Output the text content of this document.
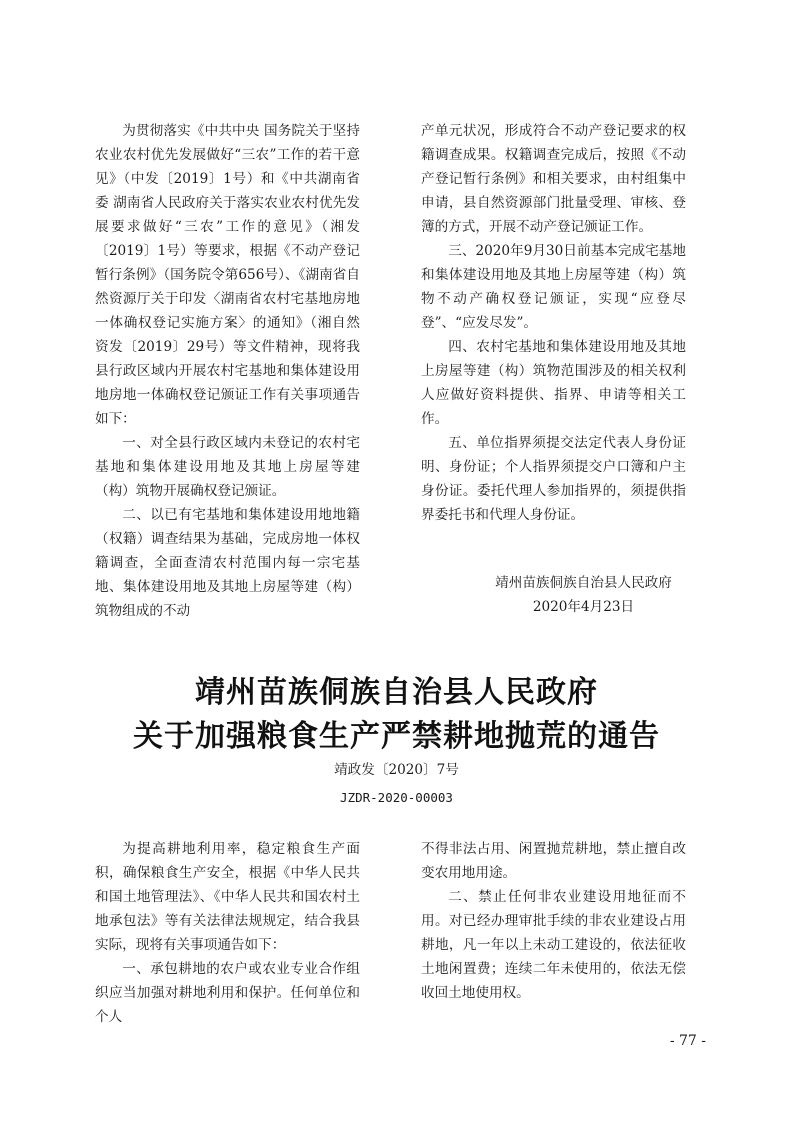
为贯彻落实《中共中央 国务院关于坚持农业农村优先发展做好“三农”工作的若干意见》（中发〔2019〕1号）和《中共湖南省委 湖南省人民政府关于落实农业农村优先发展要求做好“三农”工作的意见》（湘发〔2019〕1号）等要求，根据《不动产登记暂行条例》（国务院令第656号）、《湖南省自然资源厅关于印发〈湖南省农村宅基地房地一体确权登记实施方案〉的通知》（湘自然资发〔2019〕29号）等文件精神，现将我县行政区域内开展农村宅基地和集体建设用地房地一体确权登记颁证工作有关事项通告如下：

一、对全县行政区域内未登记的农村宅基地和集体建设用地及其地上房屋等建（构）筑物开展确权登记颁证。

二、以已有宅基地和集体建设用地地籍（权籍）调查结果为基础，完成房地一体权籍调查，全面查清农村范围内每一宗宅基地、集体建设用地及其地上房屋等建（构）筑物组成的不动

产单元状况，形成符合不动产登记要求的权籍调查成果。权籍调查完成后，按照《不动产登记暂行条例》和相关要求，由村组集中申请，县自然资源部门批量受理、审核、登簿的方式，开展不动产登记颁证工作。

三、2020年9月30日前基本完成宅基地和集体建设用地及其地上房屋等建（构）筑物不动产确权登记颁证，实现“应登尽登”、“应发尽发”。

四、农村宅基地和集体建设用地及其地上房屋等建（构）筑物范围涉及的相关权利人应做好资料提供、指界、申请等相关工作。

五、单位指界须提交法定代表人身份证明、身份证；个人指界须提交户口簿和户主身份证。委托代理人参加指界的，须提供指界委托书和代理人身份证。

靖州苗族侗族自治县人民政府
2020年4月23日
靖州苗族侗族自治县人民政府
关于加强粮食生产严禁耕地抛荒的通告
靖政发〔2020〕7号
JZDR-2020-00003

为提高耕地利用率，稳定粮食生产面积，确保粮食生产安全，根据《中华人民共和国土地管理法》、《中华人民共和国农村土地承包法》等有关法律法规规定，结合我县实际，现将有关事项通告如下：

一、承包耕地的农户或农业专业合作组织应当加强对耕地利用和保护。任何单位和个人

不得非法占用、闲置抛荒耕地，禁止擅自改变农用地用途。

二、禁止任何非农业建设用地征而不用。对已经办理审批手续的非农业建设占用耕地，凡一年以上未动工建设的，依法征收土地闲置费；连续二年未使用的，依法无偿收回土地使用权。

- 77 -
